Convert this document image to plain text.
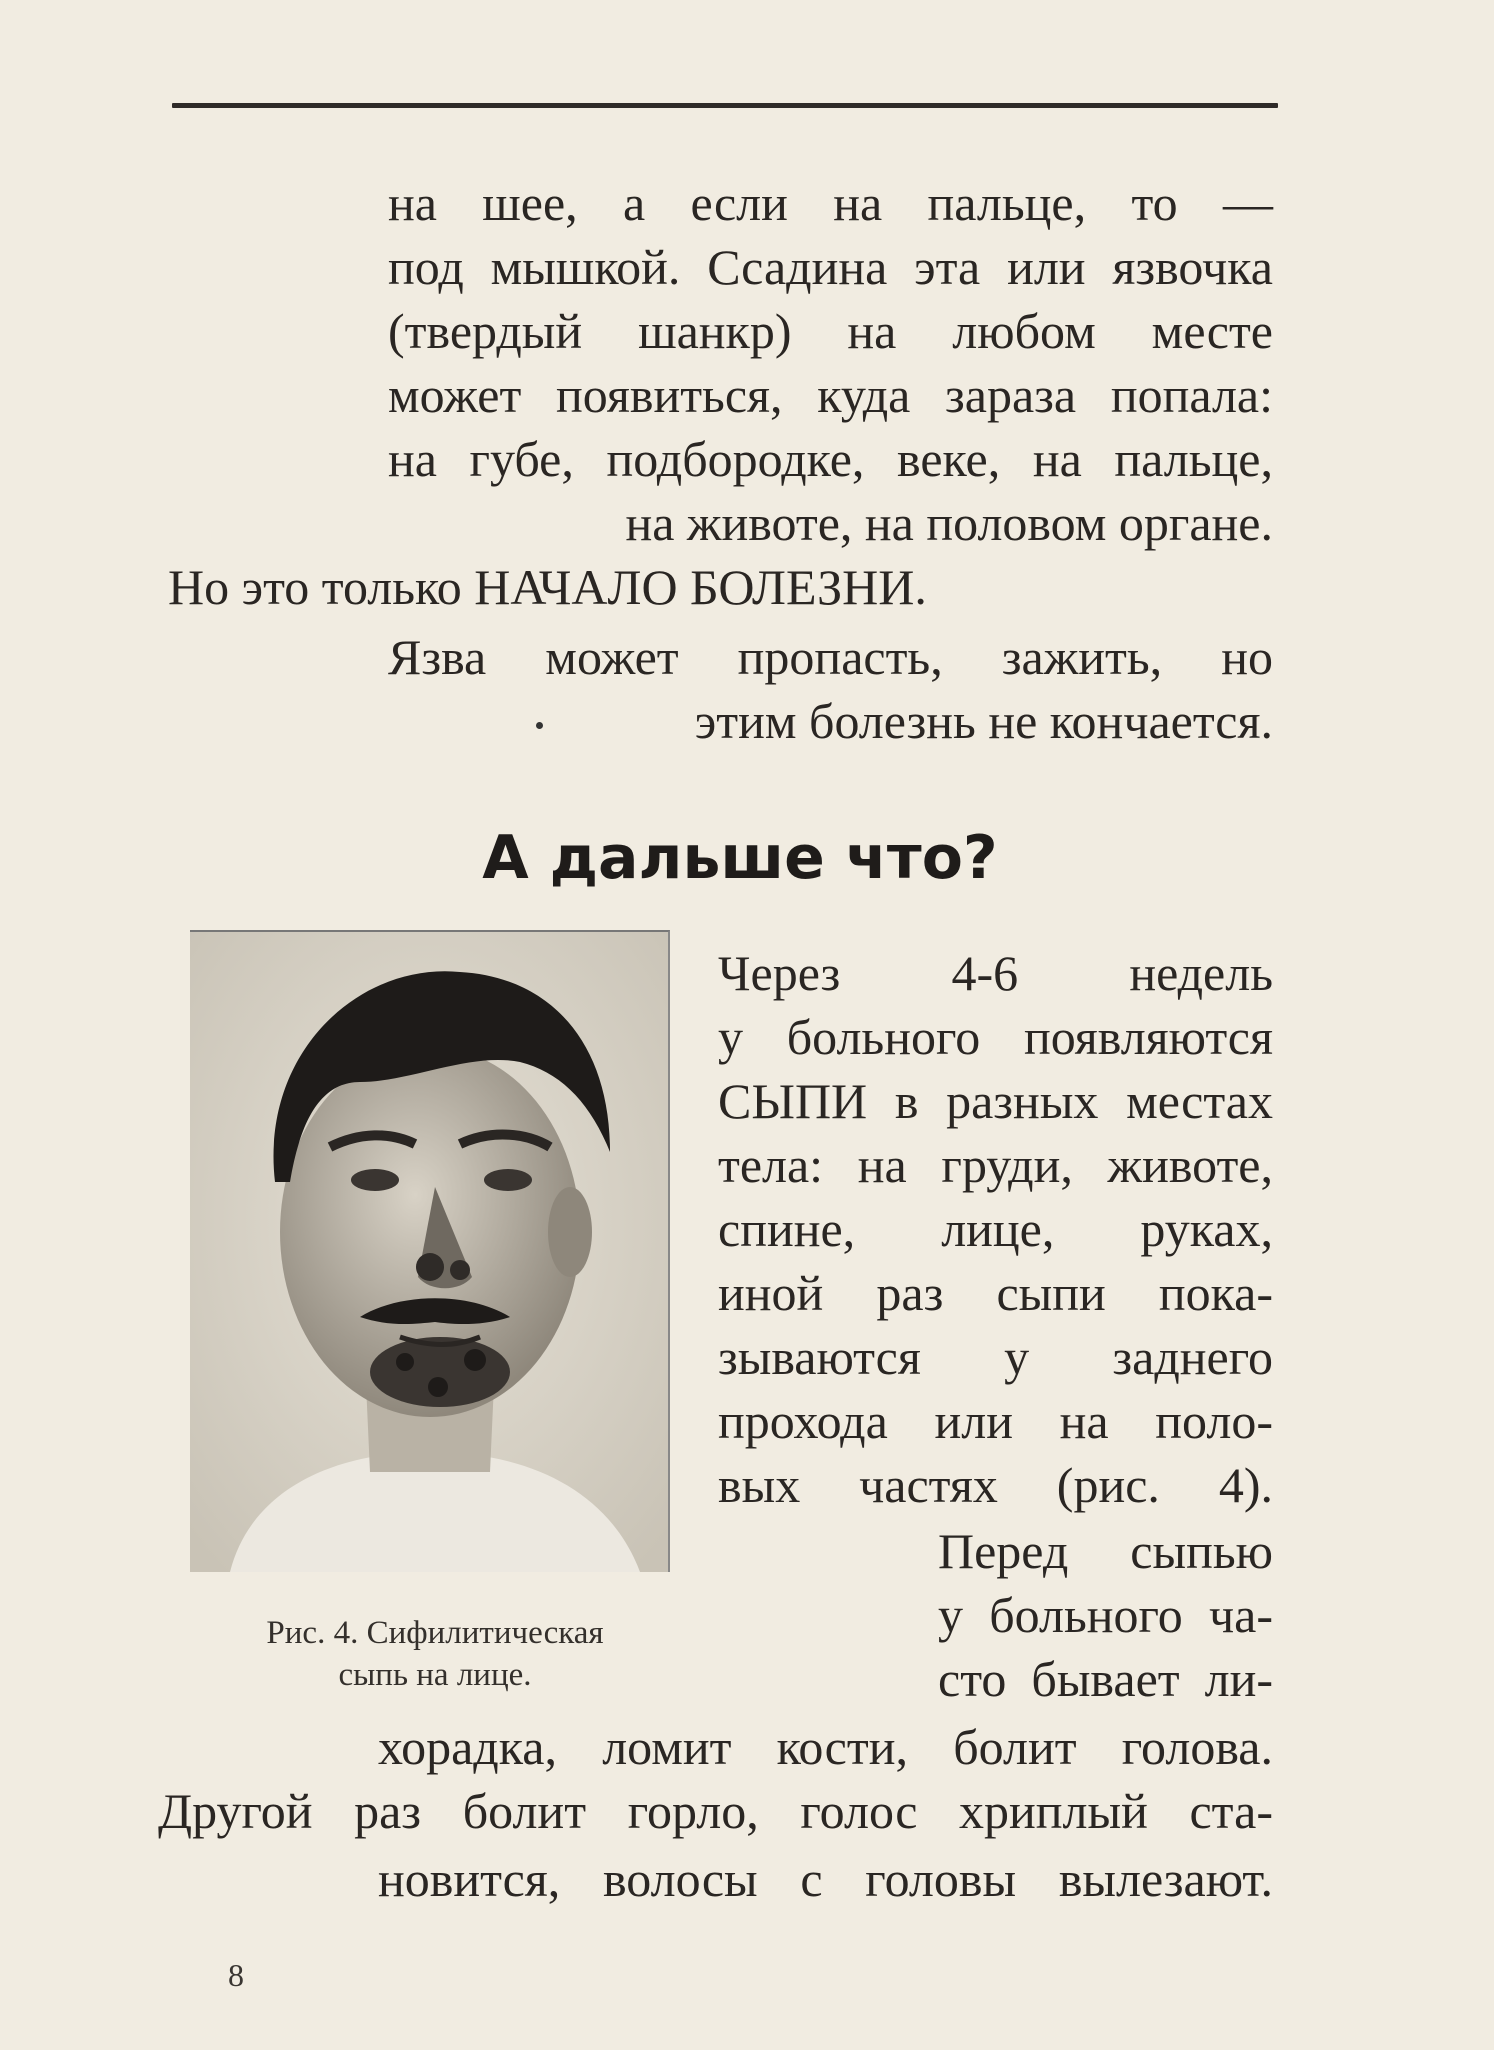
на шее, а если на пальце, то —
под мышкой. Ссадина эта или язвочка
(твердый шанкр) на любом месте
может появиться, куда зараза попала:
на губе, подбородке, веке, на пальце,
на животе, на половом органе.
Но это только НАЧАЛО БОЛЕЗНИ.
Язва может пропасть, зажить, но
этим болезнь не кончается.
А дальше что?
Рис. 4. Сифилитическая
сыпь на лице.
Через 4-6 недель
у больного появляются
СЫПИ в разных местах
тела: на груди, животе,
спине, лице, руках,
иной раз сыпи пока-
зываются у заднего
прохода или на поло-
вых частях (рис. 4).
Перед сыпью
у больного ча-
сто бывает ли-
хорадка, ломит кости, болит голова.
Другой раз болит горло, голос хриплый ста-
новится, волосы с головы вылезают.
8
